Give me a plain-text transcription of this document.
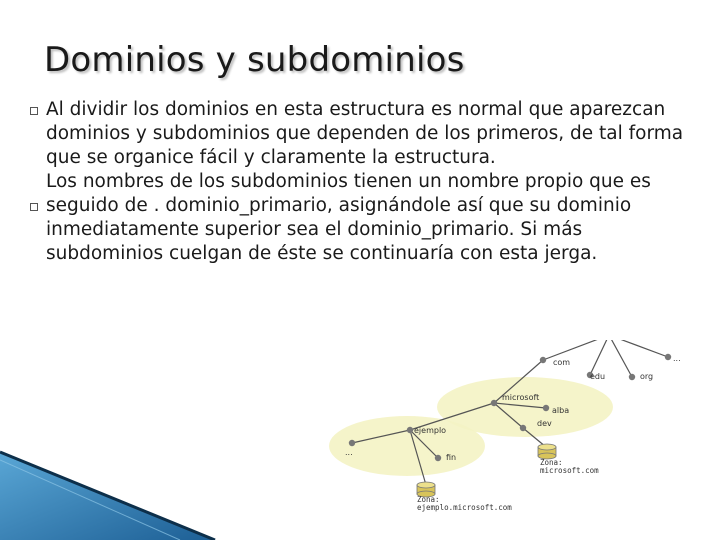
Dominios y subdominios

Al dividir los dominios en esta estructura es normal que aparezcan dominios y subdominios que dependen de los primeros, de tal forma que se organice fácil y claramente la estructura.

Los nombres de los subdominios tienen un nombre propio que es seguido de . dominio_primario, asignándole así que su dominio inmediatamente superior sea el dominio_primario. Si más subdominios cuelgan de éste se continuaría con esta jerga.

com
edu	org
...
microsoft
alba
dev
ejemplo
...
fin
Zona:
microsoft.com
Zona:
ejemplo.microsoft.com
